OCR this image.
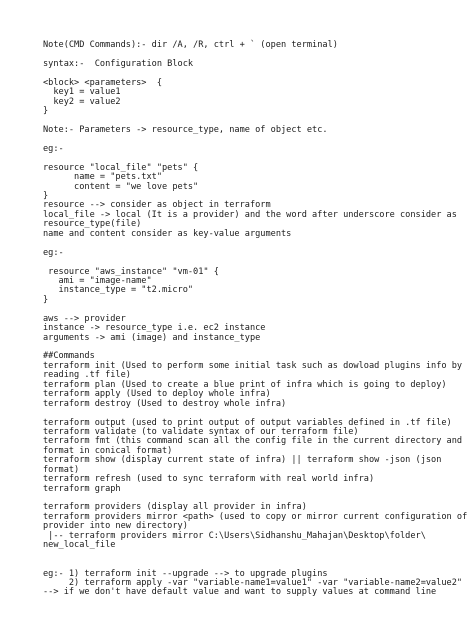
Note(CMD Commands):- dir /A, /R, ctrl + ` (open terminal)
syntax:-  Configuration Block
<block> <parameters>  {
key1 = value1
key2 = value2
}
Note:- Parameters -> resource_type, name of object etc.
eg:-
resource "local_file" "pets" {
name = "pets.txt"
content = "we love pets"
}
resource --> consider as object in terraform
local_file -> local (It is a provider) and the word after underscore consider as
resource_type(file)
name and content consider as key-value arguments
eg:-
resource "aws_instance" "vm-01" {
ami = "image-name"
instance_type = "t2.micro"
}
aws --> provider
instance -> resource_type i.e. ec2 instance
arguments -> ami (image) and instance_type
##Commands
terraform init (Used to perform some initial task such as dowload plugins info by
reading .tf file)
terraform plan (Used to create a blue print of infra which is going to deploy)
terraform apply (Used to deploy whole infra)
terraform destroy (Used to destroy whole infra)
terraform output (used to print output of output variables defined in .tf file)
terraform validate (to validate syntax of our terraform file)
terraform fmt (this command scan all the config file in the current directory and
format in conical format)
terraform show (display current state of infra) || terraform show -json (json
format)
terraform refresh (used to sync terraform with real world infra)
terraform graph
terraform providers (display all provider in infra)
terraform providers mirror <path> (used to copy or mirror current configuration of
provider into new directory)
|-- terraform providers mirror C:\Users\Sidhanshu_Mahajan\Desktop\folder\
new_local_file
eg:- 1) terraform init --upgrade --> to upgrade plugins
2) terraform apply -var "variable-name1=value1" -var "variable-name2=value2"
--> if we don't have default value and want to supply values at command line
